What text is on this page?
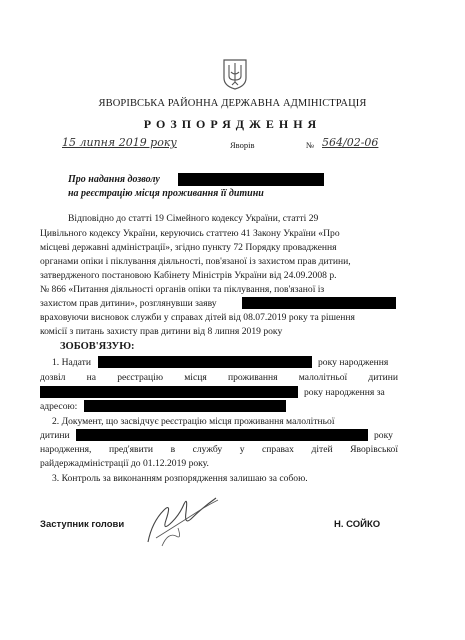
ЯВОРІВСЬКА РАЙОННА ДЕРЖАВНА АДМІНІСТРАЦІЯ
РОЗПОРЯДЖЕННЯ
15 липня 2019 року	Яворів	№ 564/02-06
Про надання дозволу
на реєстрацію місця проживання її дитини
Відповідно до статті 19 Сімейного кодексу України, статті 29
Цивільного кодексу України, керуючись статтею 41 Закону України «Про
місцеві державні адміністрації», згідно пункту 72 Порядку провадження
органами опіки і піклування діяльності, пов'язаної із захистом прав дитини,
затвердженого постановою Кабінету Міністрів України від 24.09.2008 р.
№ 866 «Питання діяльності органів опіки та піклування, пов'язаної із
захистом прав дитини», розглянувши заяву
враховуючи висновок служби у справах дітей від 08.07.2019 року та рішення
комісії з питань захисту прав дитини від 8 липня 2019 року
ЗОБОВ'ЯЗУЮ:
1. Надати	року народження
дозвіл на реєстрацію місця проживання малолітньої дитини
року народження за
адресою:
2. Документ, що засвідчує реєстрацію місця проживання малолітньої
дитини	року
народження, пред'явити в службу у справах дітей Яворівської
райдержадміністрації до 01.12.2019 року.
3. Контроль за виконанням розпорядження залишаю за собою.
Заступник голови	Н. СОЙКО
